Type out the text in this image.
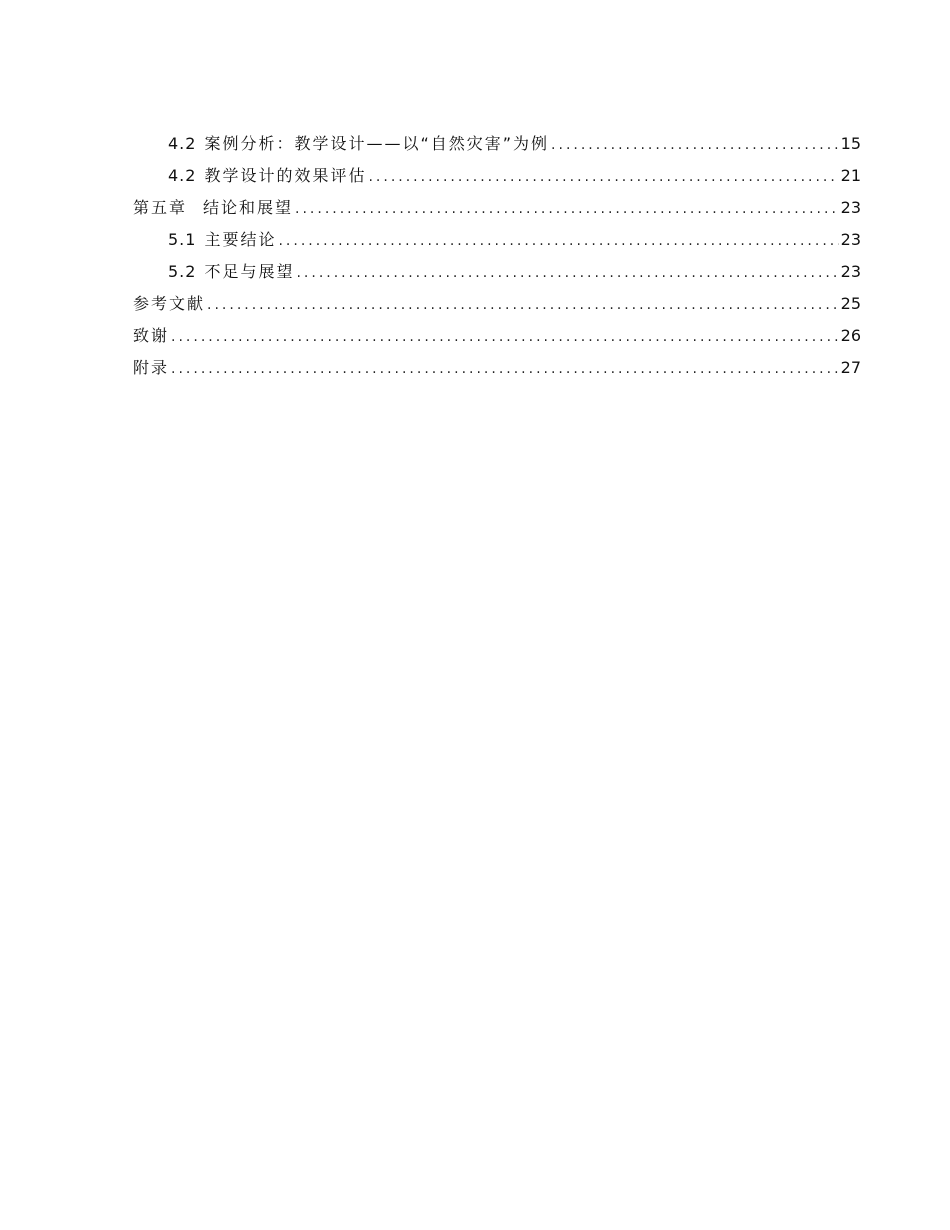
4.2 案例分析：教学设计——以“自然灾害”为例 .....	15
4.2 教学设计的效果评估 .....	21
第五章 结论和展望 .....	23
5.1 主要结论 .....	23
5.2 不足与展望 .....	23
参考文献 .....	25
致谢 .....	26
附录 .....	27
